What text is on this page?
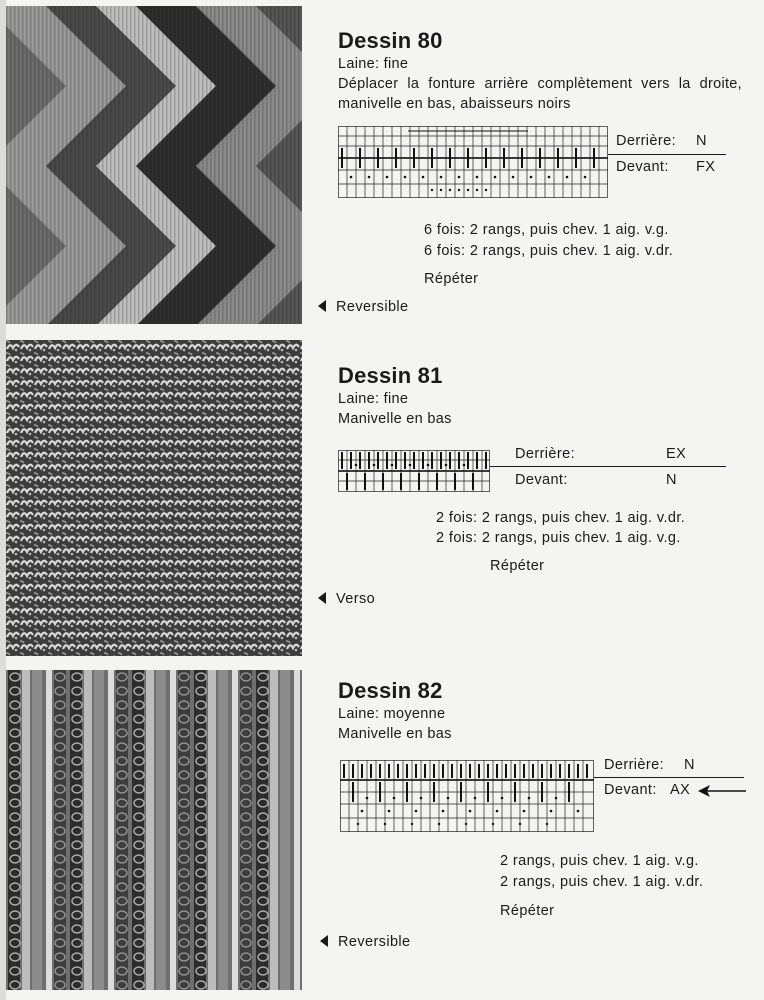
Dessin 80
Laine: fine
Déplacer la fonture arrière complètement vers la droite, manivelle en bas, abaisseurs noirs
Derrière: N
Devant: FX
6 fois: 2 rangs, puis chev. 1 aig. v.g.
6 fois: 2 rangs, puis chev. 1 aig. v.dr.
Répéter
Reversible
Dessin 81
Laine: fine
Manivelle en bas
Derrière:	EX
Devant:	N
2 fois: 2 rangs, puis chev. 1 aig. v.dr.
2 fois: 2 rangs, puis chev. 1 aig. v.g.
Répéter
Verso
Dessin 82
Laine: moyenne
Manivelle en bas
Derrière: N
Devant: AX
2 rangs, puis chev. 1 aig. v.g.
2 rangs, puis chev. 1 aig. v.dr.
Répéter
Reversible
